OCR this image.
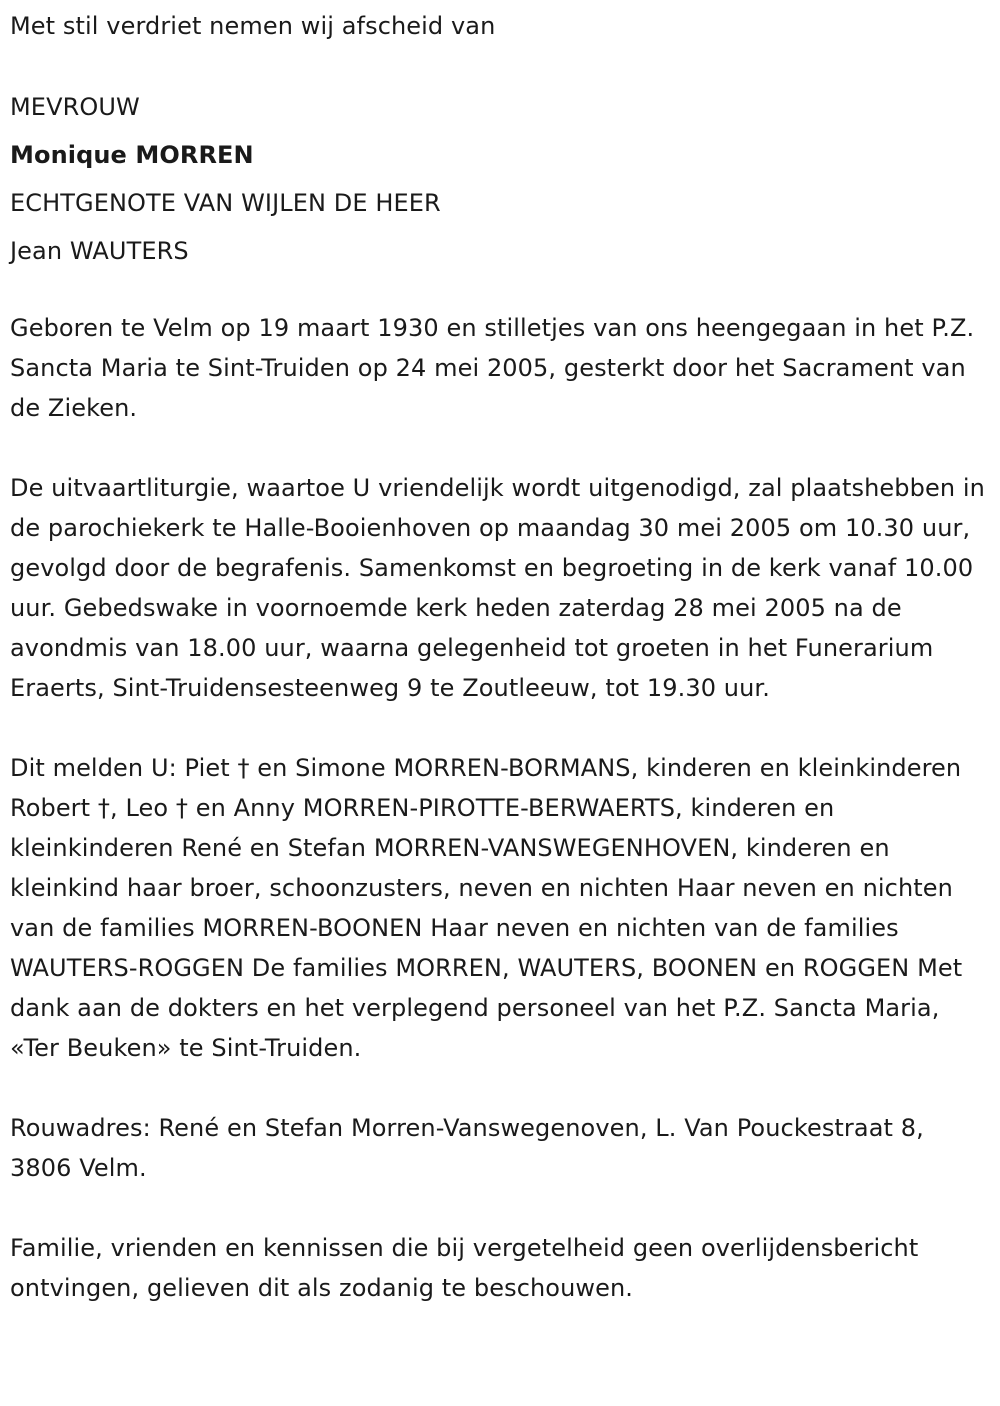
Met stil verdriet nemen wij afscheid van
MEVROUW
Monique MORREN
ECHTGENOTE VAN WIJLEN DE HEER
Jean WAUTERS

Geboren te Velm op 19 maart 1930 en stilletjes van ons heengegaan in het P.Z. Sancta Maria te Sint-Truiden op 24 mei 2005, gesterkt door het Sacrament van de Zieken.

De uitvaartliturgie, waartoe U vriendelijk wordt uitgenodigd, zal plaatshebben in de parochiekerk te Halle-Booienhoven op maandag 30 mei 2005 om 10.30 uur, gevolgd door de begrafenis. Samenkomst en begroeting in de kerk vanaf 10.00 uur. Gebedswake in voornoemde kerk heden zaterdag 28 mei 2005 na de avondmis van 18.00 uur, waarna gelegenheid tot groeten in het Funerarium Eraerts, Sint-Truidensesteenweg 9 te Zoutleeuw, tot 19.30 uur.

Dit melden U: Piet † en Simone MORREN-BORMANS, kinderen en kleinkinderen Robert †, Leo † en Anny MORREN-PIROTTE-BERWAERTS, kinderen en kleinkinderen René en Stefan MORREN-VANSWEGENHOVEN, kinderen en kleinkind haar broer, schoonzusters, neven en nichten Haar neven en nichten van de families MORREN-BOONEN Haar neven en nichten van de families WAUTERS-ROGGEN De families MORREN, WAUTERS, BOONEN en ROGGEN Met dank aan de dokters en het verplegend personeel van het P.Z. Sancta Maria, «Ter Beuken» te Sint-Truiden.

Rouwadres: René en Stefan Morren-Vanswegenoven, L. Van Pouckestraat 8, 3806 Velm.

Familie, vrienden en kennissen die bij vergetelheid geen overlijdensbericht ontvingen, gelieven dit als zodanig te beschouwen.
